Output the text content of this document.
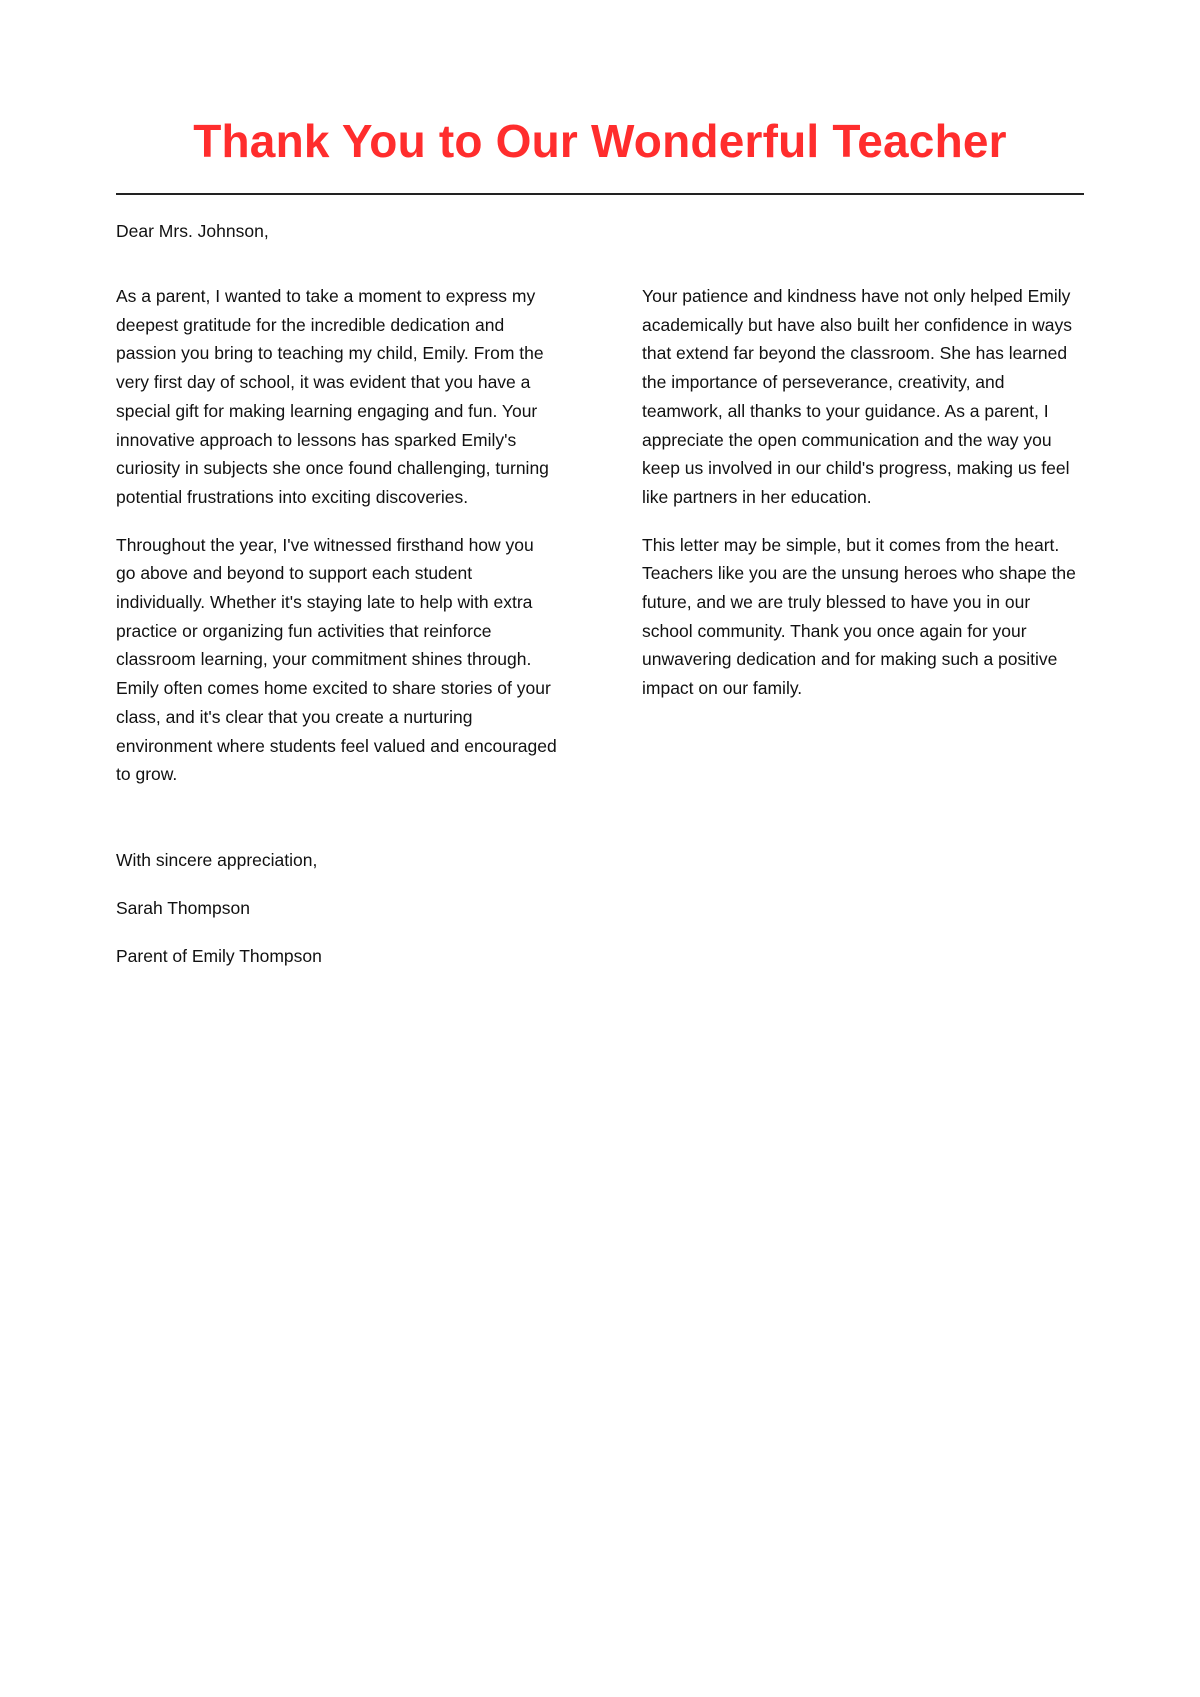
Thank You to Our Wonderful Teacher

Dear Mrs. Johnson,

As a parent, I wanted to take a moment to express my deepest gratitude for the incredible dedication and passion you bring to teaching my child, Emily. From the very first day of school, it was evident that you have a special gift for making learning engaging and fun. Your innovative approach to lessons has sparked Emily's curiosity in subjects she once found challenging, turning potential frustrations into exciting discoveries.

Throughout the year, I've witnessed firsthand how you go above and beyond to support each student individually. Whether it's staying late to help with extra practice or organizing fun activities that reinforce classroom learning, your commitment shines through. Emily often comes home excited to share stories of your class, and it's clear that you create a nurturing environment where students feel valued and encouraged to grow.

Your patience and kindness have not only helped Emily academically but have also built her confidence in ways that extend far beyond the classroom. She has learned the importance of perseverance, creativity, and teamwork, all thanks to your guidance. As a parent, I appreciate the open communication and the way you keep us involved in our child's progress, making us feel like partners in her education.

This letter may be simple, but it comes from the heart. Teachers like you are the unsung heroes who shape the future, and we are truly blessed to have you in our school community. Thank you once again for your unwavering dedication and for making such a positive impact on our family.

With sincere appreciation,

Sarah Thompson

Parent of Emily Thompson
